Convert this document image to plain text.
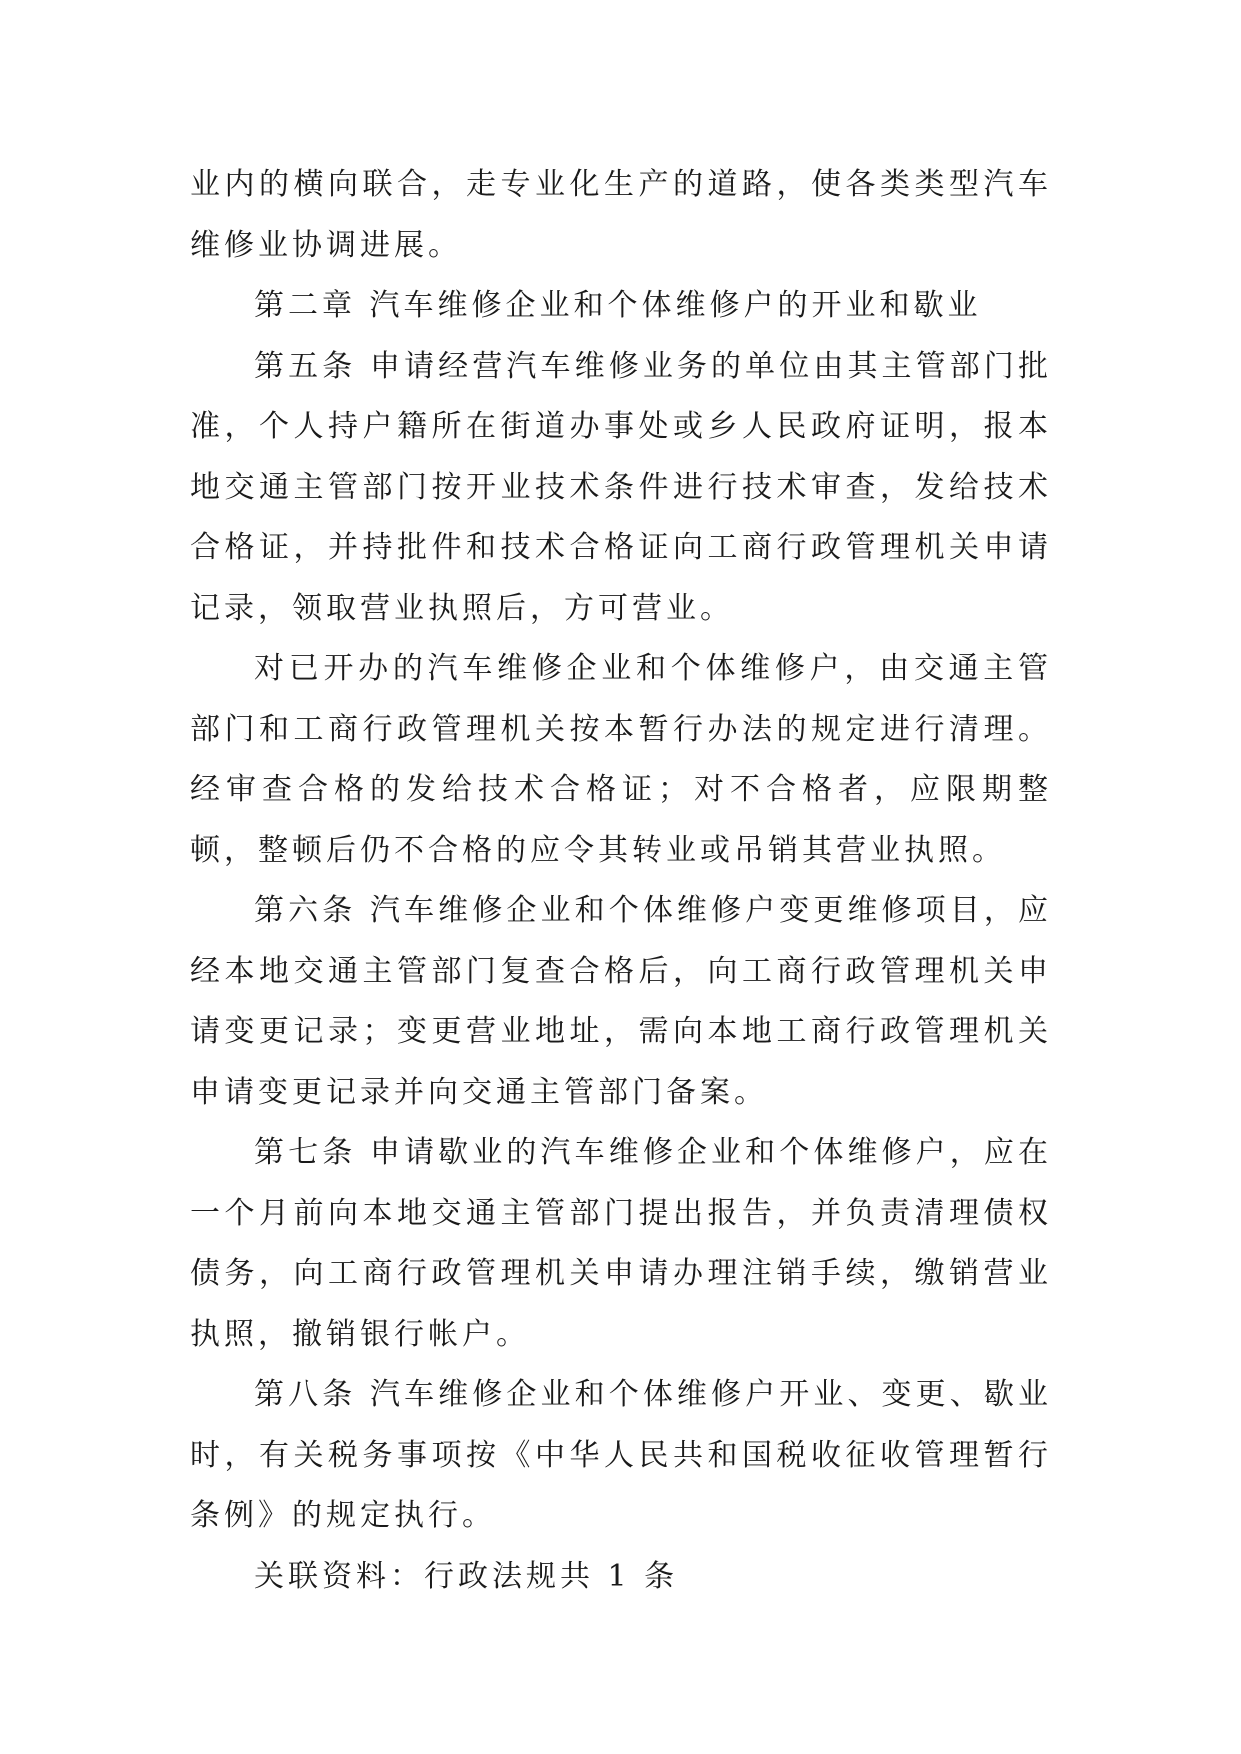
业内的横向联合，走专业化生产的道路，使各类类型汽车维修业协调进展。

第二章 汽车维修企业和个体维修户的开业和歇业

第五条 申请经营汽车维修业务的单位由其主管部门批准，个人持户籍所在街道办事处或乡人民政府证明，报本地交通主管部门按开业技术条件进行技术审查，发给技术合格证，并持批件和技术合格证向工商行政管理机关申请记录，领取营业执照后，方可营业。

对已开办的汽车维修企业和个体维修户，由交通主管部门和工商行政管理机关按本暂行办法的规定进行清理。经审查合格的发给技术合格证；对不合格者，应限期整顿，整顿后仍不合格的应令其转业或吊销其营业执照。

第六条 汽车维修企业和个体维修户变更维修项目，应经本地交通主管部门复查合格后，向工商行政管理机关申请变更记录；变更营业地址，需向本地工商行政管理机关申请变更记录并向交通主管部门备案。

第七条 申请歇业的汽车维修企业和个体维修户，应在一个月前向本地交通主管部门提出报告，并负责清理债权债务，向工商行政管理机关申请办理注销手续，缴销营业执照，撤销银行帐户。

第八条 汽车维修企业和个体维修户开业、变更、歇业时，有关税务事项按《中华人民共和国税收征收管理暂行条例》的规定执行。

关联资料：行政法规共 1 条
